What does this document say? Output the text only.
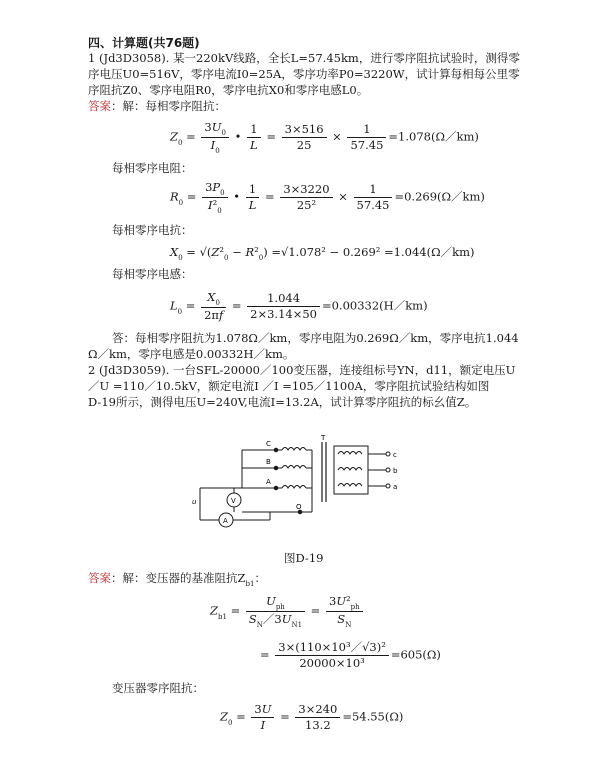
四、计算题(共76题)
1 (Jd3D3058). 某一220kV线路，全长L=57.45km，进行零序阻抗试验时，测得零
序电压U0=516V，零序电流I0=25A，零序功率P0=3220W，试计算每相每公里零
序阻抗Z0、零序电阻R0，零序电抗X0和零序电感L0。
答案：解：每相零序阻抗：
$Z_0 = \frac{3U_0}{I_0}$ • $\frac{1}{L} = \frac{3\times 516}{25} \times \frac{1}{57.45}$ =1.078(Ω／km)
每相零序电阻：
$R_0 = \frac{3P_0}{I^2_0}$ • $\frac{1}{L} = \frac{3\times 3220}{\text{25²}} \times \frac{1}{57.45}$ =0.269(Ω／km)
每相零序电抗：
$X_0 = √(Z^2_0 - R^2_0) =√1.078^2 - 0.269^2$ =1.044(Ω／km)
每相零序电感：
$L_0 = \frac{X_0}{2\pi f} = \frac{1.044}{2\times 3.14\times 50}$ =0.00332(H／km)
答：每相零序阻抗为1.078Ω／km，零序电阻为0.269Ω／km，零序电抗1.044
Ω／km，零序电感是0.00332H／km。
2 (Jd3D3059). 一台SFL-20000／100变压器，连接组标号YN，d11，额定电压U
／U =110／10.5kV，额定电流I ／I =105／1100A，零序阻抗试验结构如图
D-19所示，测得电压U=240V,电流I=13.2A，试计算零序阻抗的标幺值Z。
C
B
A
O
T
c
b
a
V
A
u
图D-19
答案：解：变压器的基准阻抗$Z_{b1}$：
$Z_{b1} = \frac{U_{ph}}{S_N/3U_{N1}} = \frac{3U^2_{ph}}{S_N}$
= $\frac{\text{3×(110×10³／√3)²}}{\text{20000×10³}} =605(\Omega)$
变压器零序阻抗：
$Z_0 = \frac{3U}{I} = \frac{3\times 240}{13.2} =54.55(\Omega)$
